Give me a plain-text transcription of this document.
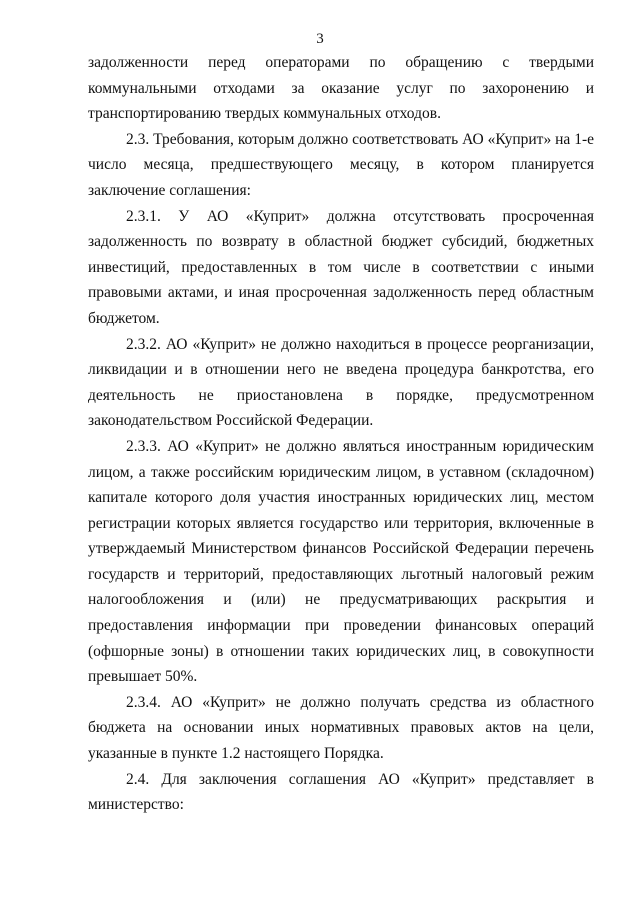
3

задолженности перед операторами по обращению с твердыми коммунальными отходами за оказание услуг по захоронению и транспортированию твердых коммунальных отходов.

2.3. Требования, которым должно соответствовать АО «Куприт» на 1-е число месяца, предшествующего месяцу, в котором планируется заключение соглашения:

2.3.1. У АО «Куприт» должна отсутствовать просроченная задолженность по возврату в областной бюджет субсидий, бюджетных инвестиций, предоставленных в том числе в соответствии с иными правовыми актами, и иная просроченная задолженность перед областным бюджетом.

2.3.2. АО «Куприт» не должно находиться в процессе реорганизации, ликвидации и в отношении него не введена процедура банкротства, его деятельность не приостановлена в порядке, предусмотренном законодательством Российской Федерации.

2.3.3. АО «Куприт» не должно являться иностранным юридическим лицом, а также российским юридическим лицом, в уставном (складочном) капитале которого доля участия иностранных юридических лиц, местом регистрации которых является государство или территория, включенные в утверждаемый Министерством финансов Российской Федерации перечень государств и территорий, предоставляющих льготный налоговый режим налогообложения и (или) не предусматривающих раскрытия и предоставления информации при проведении финансовых операций (офшорные зоны) в отношении таких юридических лиц, в совокупности превышает 50%.

2.3.4. АО «Куприт» не должно получать средства из областного бюджета на основании иных нормативных правовых актов на цели, указанные в пункте 1.2 настоящего Порядка.

2.4. Для заключения соглашения АО «Куприт» представляет в министерство:
